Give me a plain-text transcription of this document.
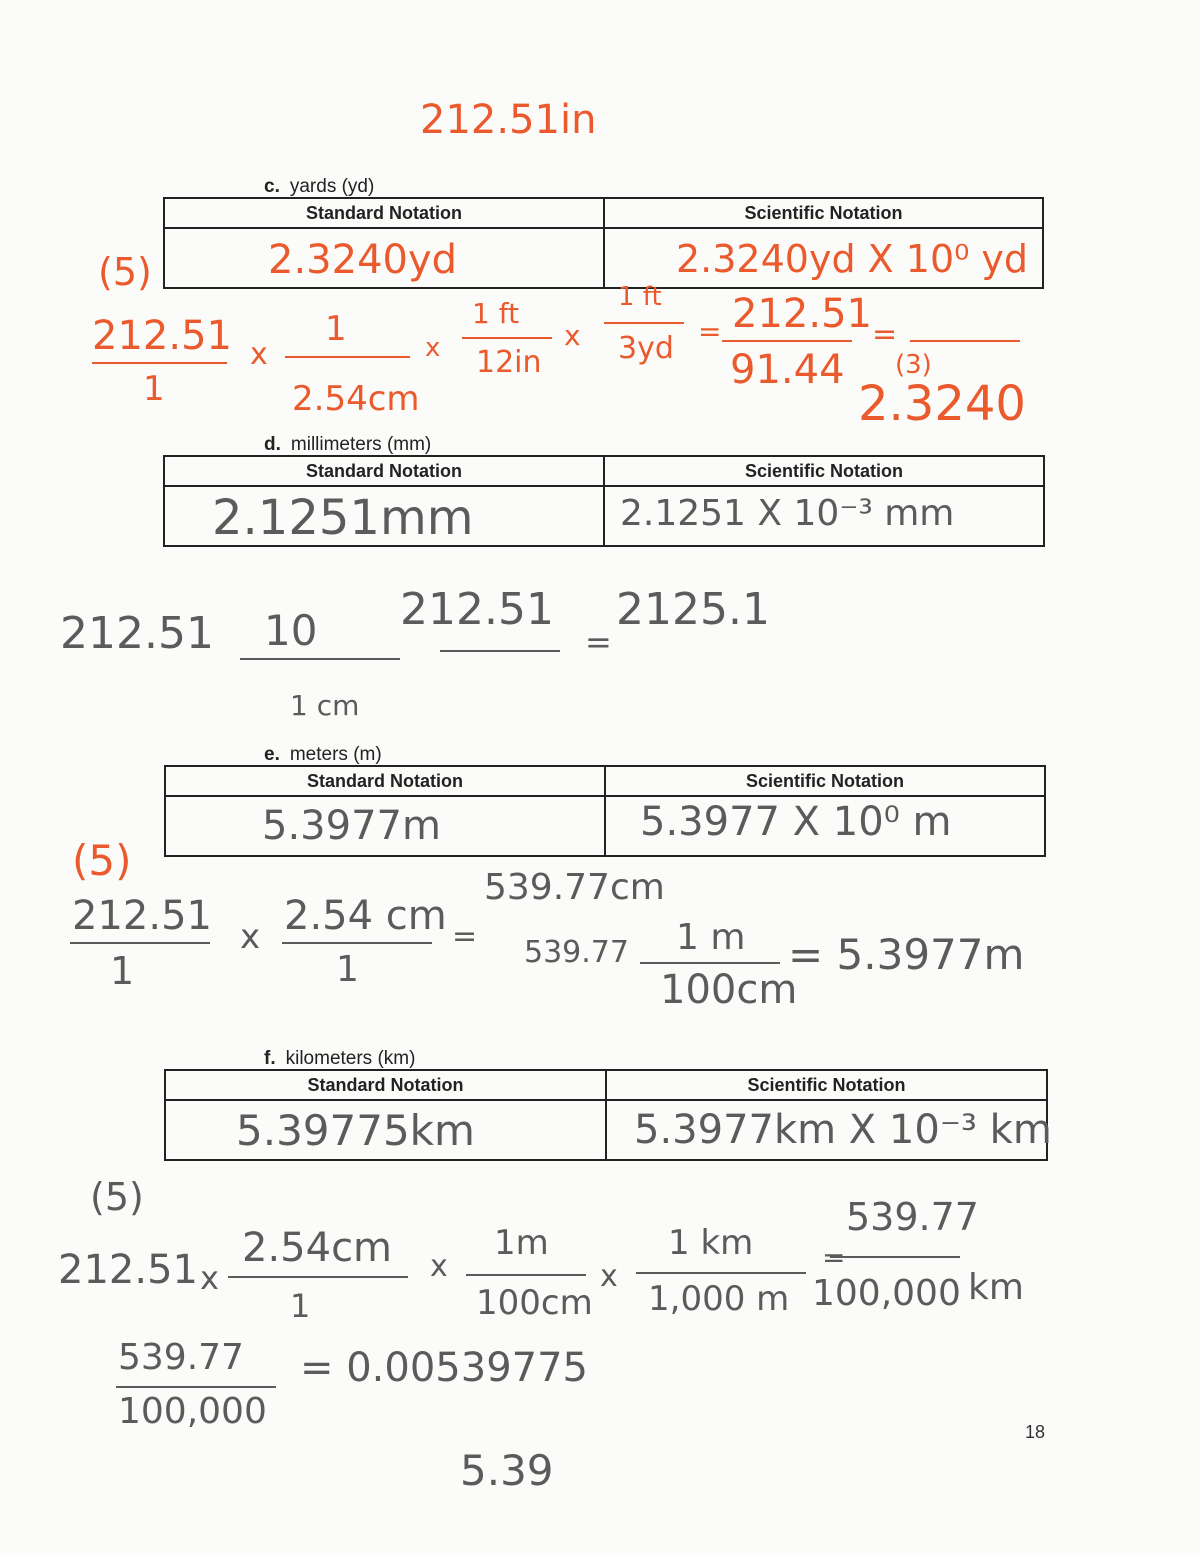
212.51in
c. yards (yd)
Standard Notation	Scientific Notation

2.3240yd	2.3240yd X 10⁰ yd
(5)
212.51
1
x
1
2.54cm
x
1 ft
12in
x
1 ft
3yd = 212.51
91.44
=
(3)
2.3240
d. millimeters (mm)
Standard Notation	Scientific Notation

2.1251mm	2.1251 X 10⁻³ mm
212.51 10
1 cm
212.51
=
2125.1
e. meters (m)
Standard Notation	Scientific Notation

5.3977m	5.3977 X 10⁰ m
(5)
212.51
1
x 2.54 cm
1
=
539.77cm
539.77 1 m
100cm
= 5.3977m
f. kilometers (km)
Standard Notation	Scientific Notation

5.39775km	5.3977km X 10⁻³ km
(5)
212.51 x
2.54cm
1
x
1m
100cm
x
1 km
1,000 m
=
539.77
100,000 km
539.77
100,000
= 0.00539775
5.39
18
